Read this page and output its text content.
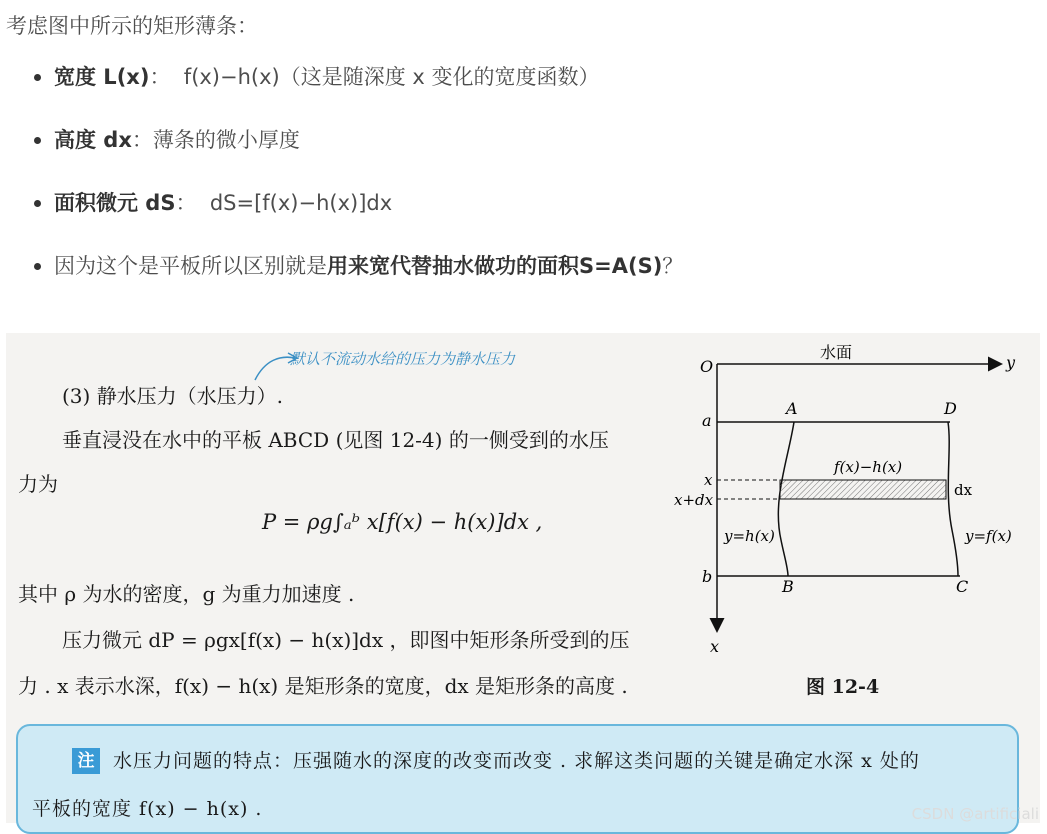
考虑图中所示的矩形薄条：
宽度 L(x)： f(x)−h(x)（这是随深度 x 变化的宽度函数）
高度 dx：薄条的微小厚度
面积微元 dS： dS=[f(x)−h(x)]dx
因为这个是平板所以区别就是用来宽代替抽水做功的面积S=A(S)？
默认不流动水给的压力为静水压力
(3) 静水压力（水压力）.
垂直浸没在水中的平板 ABCD (见图 12-4) 的一侧受到的水压
力为
P = ρg∫ₐᵇ x[f(x) − h(x)]dx ,
其中 ρ 为水的密度，g 为重力加速度 .
压力微元 dP = ρgx[f(x) − h(x)]dx ，即图中矩形条所受到的压
力 . x 表示水深，f(x) − h(x) 是矩形条的宽度，dx 是矩形条的高度 .
O	y
x
水面
a
b
A	D
B	C
x
x+dx
dx
f(x)−h(x)
y=h(x)	y=f(x)
图 12-4
注 水压力问题的特点：压强随水的深度的改变而改变 . 求解这类问题的关键是确定水深 x 处的
平板的宽度 f(x) − h(x) .	CSDN @artificiali
